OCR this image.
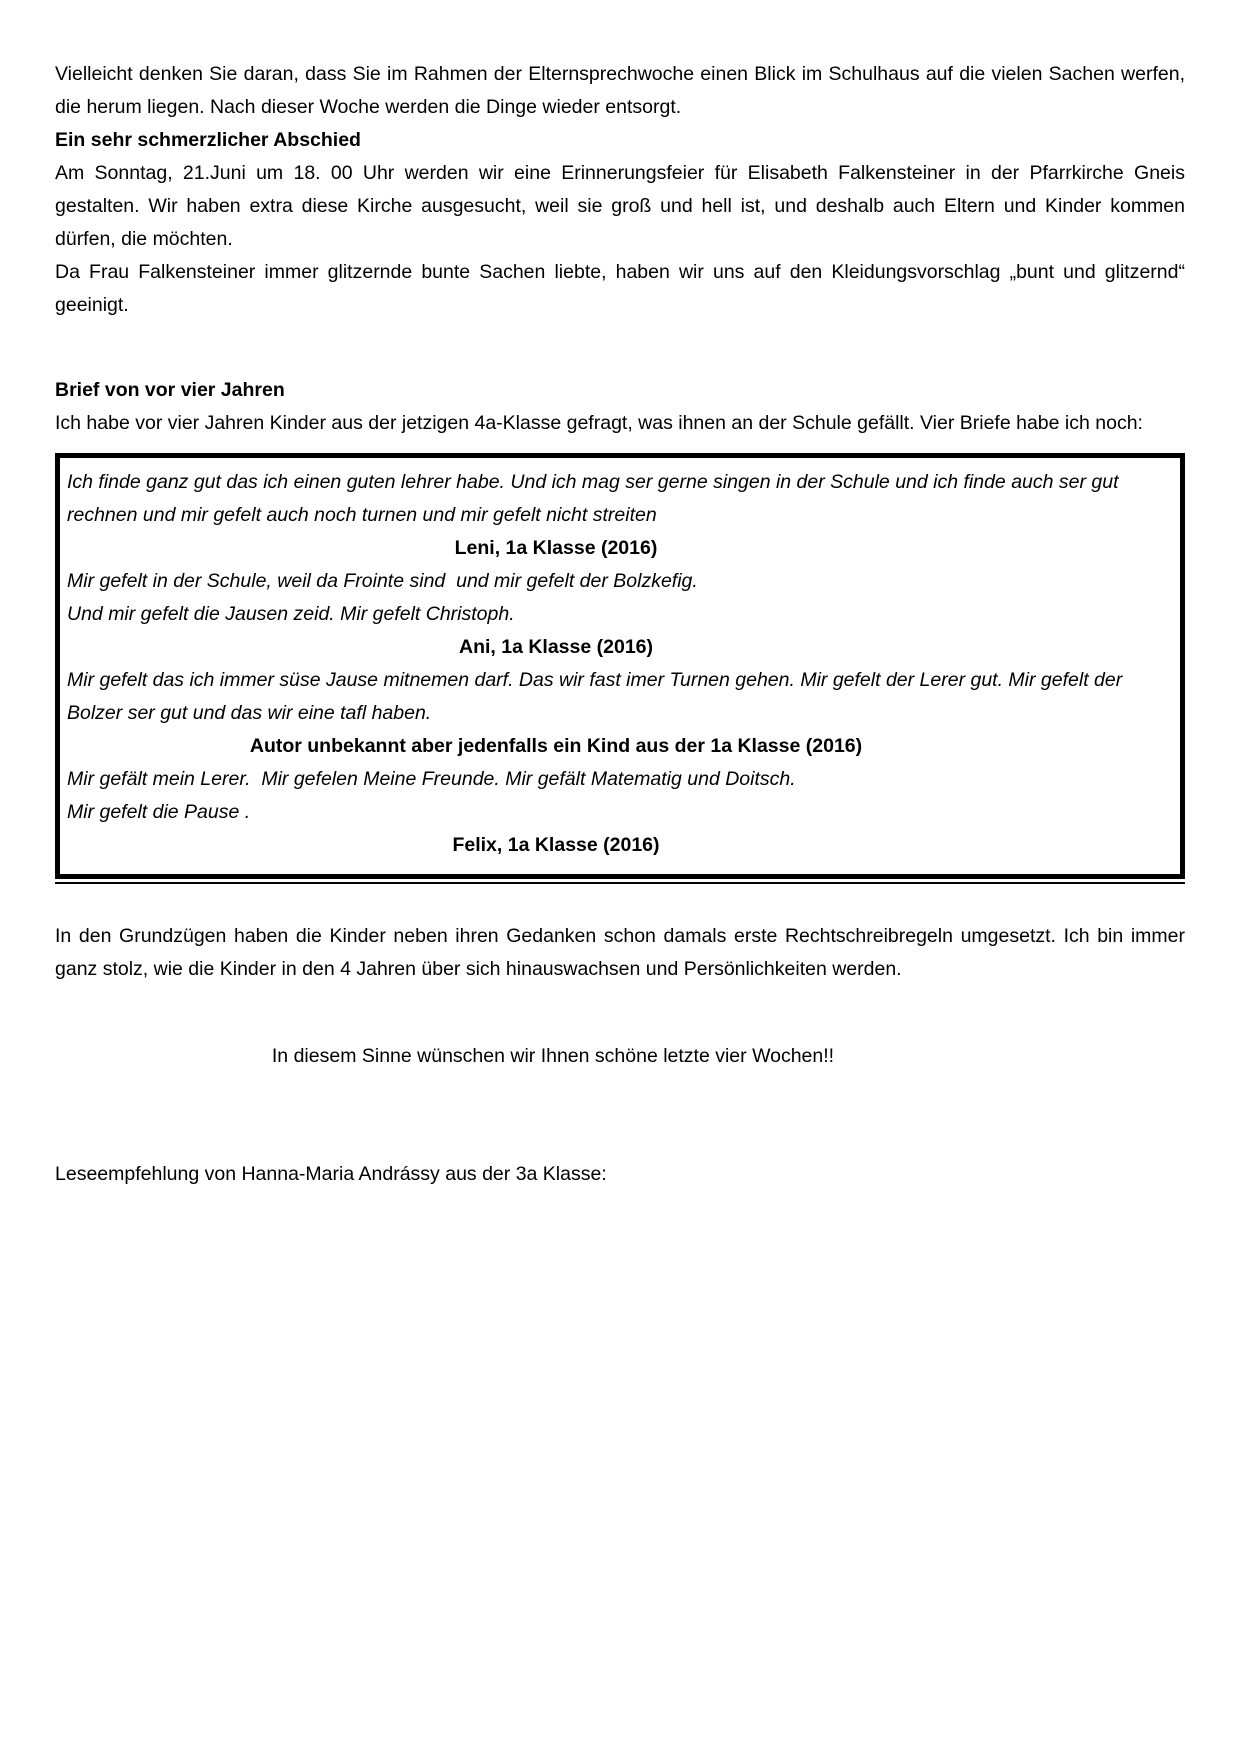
Vielleicht denken Sie daran, dass Sie im Rahmen der Elternsprechwoche einen Blick im Schulhaus auf die vielen Sachen werfen, die herum liegen. Nach dieser Woche werden die Dinge wieder entsorgt.

Ein sehr schmerzlicher Abschied

Am Sonntag, 21.Juni um 18. 00 Uhr werden wir eine Erinnerungsfeier für Elisabeth Falkensteiner in der Pfarrkirche Gneis gestalten. Wir haben extra diese Kirche ausgesucht, weil sie groß und hell ist, und deshalb auch Eltern und Kinder kommen dürfen, die möchten.

Da Frau Falkensteiner immer glitzernde bunte Sachen liebte, haben wir uns auf den Kleidungsvorschlag „bunt und glitzernd“ geeinigt.

Brief von vor vier Jahren

Ich habe vor vier Jahren Kinder aus der jetzigen 4a-Klasse gefragt, was ihnen an der Schule gefällt. Vier Briefe habe ich noch:

Ich finde ganz gut das ich einen guten lehrer habe. Und ich mag ser gerne singen in der Schule und ich finde auch ser gut rechnen und mir gefelt auch noch turnen und mir gefelt nicht streiten

Leni, 1a Klasse (2016)

Mir gefelt in der Schule, weil da Frointe sind  und mir gefelt der Bolzkefig.

Und mir gefelt die Jausen zeid. Mir gefelt Christoph.

Ani, 1a Klasse (2016)

Mir gefelt das ich immer süse Jause mitnemen darf. Das wir fast imer Turnen gehen. Mir gefelt der Lerer gut. Mir gefelt der Bolzer ser gut und das wir eine tafl haben.

Autor unbekannt aber jedenfalls ein Kind aus der 1a Klasse (2016)

Mir gefält mein Lerer.  Mir gefelen Meine Freunde. Mir gefält Matematig und Doitsch.

Mir gefelt die Pause .

Felix, 1a Klasse (2016)

In den Grundzügen haben die Kinder neben ihren Gedanken schon damals erste Rechtschreibregeln umgesetzt. Ich bin immer ganz stolz, wie die Kinder in den 4 Jahren über sich hinauswachsen und Persönlichkeiten werden.

In diesem Sinne wünschen wir Ihnen schöne letzte vier Wochen!!

Leseempfehlung von Hanna-Maria Andrássy aus der 3a Klasse:
